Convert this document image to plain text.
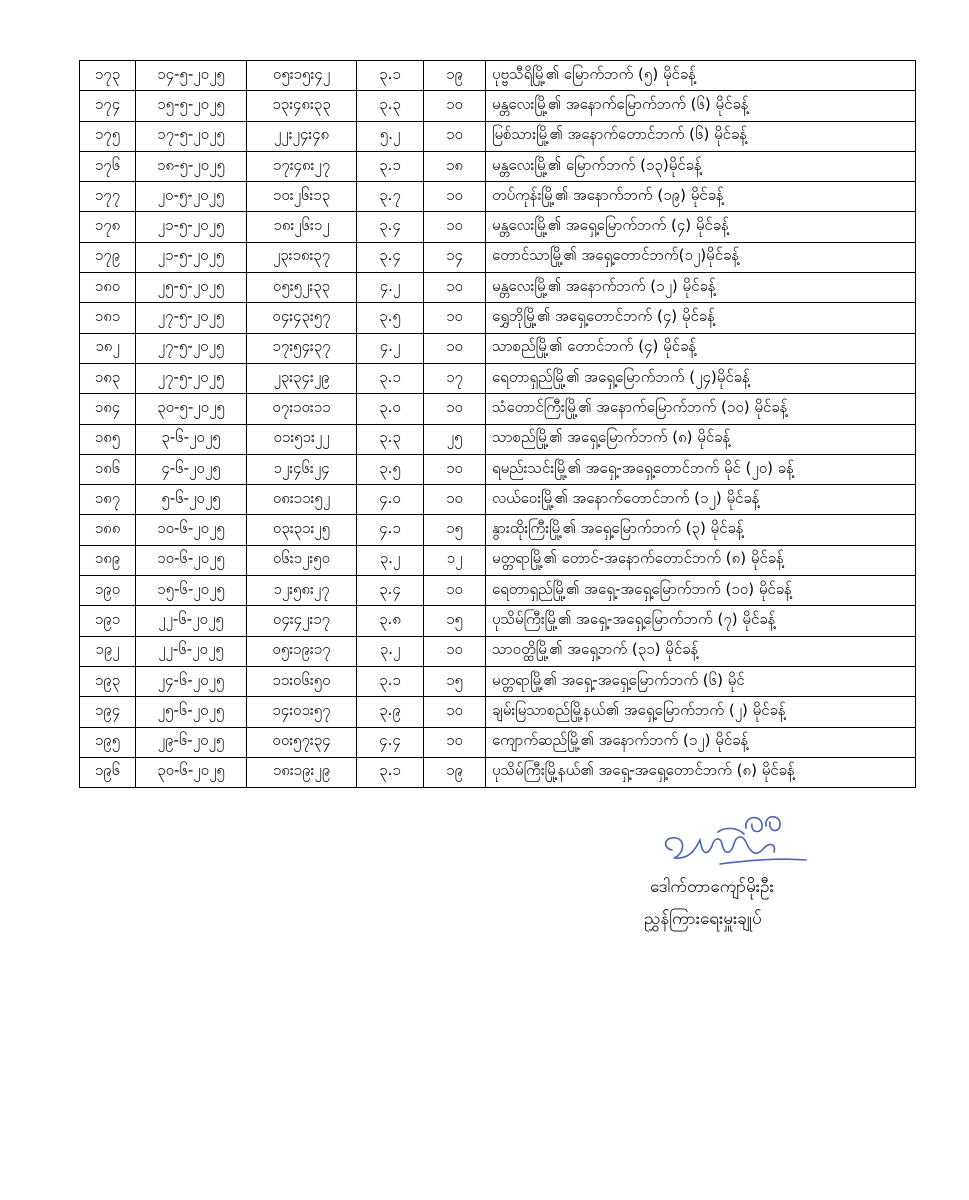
၁၇၃	၁၄-၅-၂၀၂၅	၀၅း၁၅း၄၂	၃.၁	၁၉	ပုဗ္ဗသီရိမြို့၏ မြောက်ဘက် (၅) မိုင်ခန့်
၁၇၄	၁၅-၅-၂၀၂၅	၁၃း၄၈း၃၃	၃.၃	၁၀	မန္တလေးမြို့၏ အနောက်မြောက်ဘက် (၆) မိုင်ခန့်
၁၇၅	၁၇-၅-၂၀၂၅	၂၂း၂၄း၄၈	၅.၂	၁၀	မြစ်သားမြို့၏ အနောက်တောင်ဘက် (၆) မိုင်ခန့်
၁၇၆	၁၈-၅-၂၀၂၅	၁၇း၄၈း၂၇	၃.၁	၁၈	မန္တလေးမြို့၏ မြောက်ဘက် (၁၃)မိုင်ခန့်
၁၇၇	၂၀-၅-၂၀၂၅	၁၀း၂၆း၁၃	၃.၇	၁၀	တပ်ကုန်းမြို့၏ အနောက်ဘက် (၁၉) မိုင်ခန့်
၁၇၈	၂၁-၅-၂၀၂၅	၁၈း၂၆း၁၂	၃.၄	၁၀	မန္တလေးမြို့၏ အရှေ့မြောက်ဘက် (၄) မိုင်ခန့်
၁၇၉	၂၁-၅-၂၀၂၅	၂၃း၁၈း၃၇	၃.၄	၁၄	တောင်သာမြို့၏ အရှေ့တောင်ဘက်(၁၂)မိုင်ခန့်
၁၈၀	၂၅-၅-၂၀၂၅	၀၅း၅၂း၃၃	၄.၂	၁၀	မန္တလေးမြို့၏ အနောက်ဘက် (၁၂) မိုင်ခန့်
၁၈၁	၂၇-၅-၂၀၂၅	၀၄း၄၃း၅၇	၃.၅	၁၀	ရွှေဘိုမြို့၏ အရှေ့တောင်ဘက် (၄) မိုင်ခန့်
၁၈၂	၂၇-၅-၂၀၂၅	၁၇း၅၄း၃၇	၄.၂	၁၀	သာစည်မြို့၏ တောင်ဘက် (၄) မိုင်ခန့်
၁၈၃	၂၇-၅-၂၀၂၅	၂၃း၃၄း၂၉	၃.၁	၁၇	ရေတာရှည်မြို့၏ အရှေ့မြောက်ဘက် (၂၄)မိုင်ခန့်
၁၈၄	၃၀-၅-၂၀၂၅	၀၇း၁၀း၁၁	၃.၀	၁၀	သံတောင်ကြီးမြို့၏ အနောက်မြောက်ဘက် (၁၀) မိုင်ခန့်
၁၈၅	၃-၆-၂၀၂၅	၀၁း၅၁း၂၂	၃.၃	၂၅	သာစည်မြို့၏ အရှေ့မြောက်ဘက် (၈) မိုင်ခန့်
၁၈၆	၄-၆-၂၀၂၅	၁၂း၄၆း၂၄	၃.၅	၁၀	ရမည်းသင်းမြို့၏ အရှေ့-အရှေ့တောင်ဘက် မိုင် (၂၀) ခန့်
၁၈၇	၅-၆-၂၀၂၅	၀၈း၁၁း၅၂	၄.၀	၁၀	လယ်ဝေးမြို့၏ အနောက်တောင်ဘက် (၁၂) မိုင်ခန့်
၁၈၈	၁၀-၆-၂၀၂၅	၀၃း၃၁း၂၅	၄.၁	၁၅	နွားထိုးကြီးမြို့၏ အရှေ့မြောက်ဘက် (၃) မိုင်ခန့်
၁၈၉	၁၀-၆-၂၀၂၅	၀၆း၁၂း၅၀	၃.၂	၁၂	မတ္တရာမြို့၏ တောင်-အနောက်တောင်ဘက် (၈) မိုင်ခန့်
၁၉၀	၁၅-၆-၂၀၂၅	၁၂း၅၈း၂၇	၃.၄	၁၀	ရေတာရှည်မြို့၏ အရှေ့-အရှေ့မြောက်ဘက် (၁၀) မိုင်ခန့်
၁၉၁	၂၂-၆-၂၀၂၅	၀၄း၄၂း၁၇	၃.၈	၁၅	ပုသိမ်ကြီးမြို့၏ အရှေ့-အရှေ့မြောက်ဘက် (၇) မိုင်ခန့်
၁၉၂	၂၂-၆-၂၀၂၅	၀၅း၁၉း၁၇	၃.၂	၁၀	သာဝတ္ထိမြို့၏ အရှေ့ဘက် (၃၁) မိုင်ခန့်
၁၉၃	၂၄-၆-၂၀၂၅	၁၁း၀၆း၅၀	၃.၁	၁၅	မတ္တရာမြို့၏ အရှေ့-အရှေ့မြောက်ဘက် (၆) မိုင်
၁၉၄	၂၅-၆-၂၀၂၅	၁၄း၀၁း၅၇	၃.၉	၁၀	ချမ်းမြသာစည်မြို့နယ်၏ အရှေ့မြောက်ဘက် (၂) မိုင်ခန့်
၁၉၅	၂၉-၆-၂၀၂၅	၀၀း၅၇း၃၄	၄.၄	၁၀	ကျောက်ဆည်မြို့၏ အနောက်ဘက် (၁၂) မိုင်ခန့်
၁၉၆	၃၀-၆-၂၀၂၅	၁၈း၁၉း၂၉	၃.၁	၁၉	ပုသိမ်ကြီးမြို့နယ်၏ အရှေ့-အရှေ့တောင်ဘက် (၈) မိုင်ခန့်
ဒေါက်တာကျော်မိုးဦး
ညွှန်ကြားရေးမှူးချုပ်
